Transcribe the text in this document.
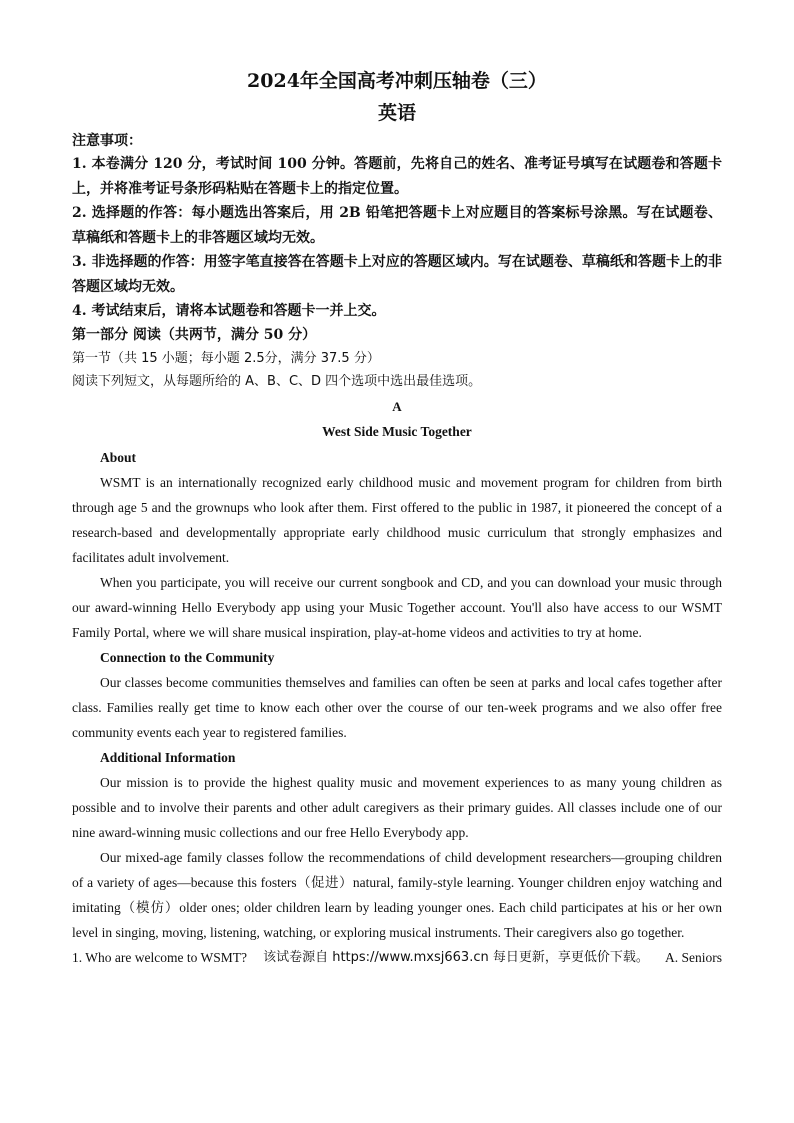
2024年全国高考冲刺压轴卷（三）
英语
注意事项：
1. 本卷满分 120 分，考试时间 100 分钟。答题前，先将自己的姓名、准考证号填写在试题卷和答题卡上，并将准考证号条形码粘贴在答题卡上的指定位置。
2. 选择题的作答：每小题选出答案后，用 2B 铅笔把答题卡上对应题目的答案标号涂黑。写在试题卷、草稿纸和答题卡上的非答题区域均无效。
3. 非选择题的作答：用签字笔直接答在答题卡上对应的答题区域内。写在试题卷、草稿纸和答题卡上的非答题区域均无效。
4. 考试结束后，请将本试题卷和答题卡一并上交。
第一部分 阅读（共两节，满分 50 分）
第一节（共 15 小题；每小题 2.5分，满分 37.5 分）
阅读下列短文，从每题所给的 A、B、C、D 四个选项中选出最佳选项。
A
West Side Music Together
About

WSMT is an internationally recognized early childhood music and movement program for children from birth through age 5 and the grownups who look after them. First offered to the public in 1987, it pioneered the concept of a research-based and developmentally appropriate early childhood music curriculum that strongly emphasizes and facilitates adult involvement.

When you participate, you will receive our current songbook and CD, and you can download your music through our award-winning Hello Everybody app using your Music Together account. You'll also have access to our WSMT Family Portal, where we will share musical inspiration, play-at-home videos and activities to try at home.

Connection to the Community

Our classes become communities themselves and families can often be seen at parks and local cafes together after class. Families really get time to know each other over the course of our ten-week programs and we also offer free community events each year to registered families.

Additional Information

Our mission is to provide the highest quality music and movement experiences to as many young children as possible and to involve their parents and other adult caregivers as their primary guides. All classes include one of our nine award-winning music collections and our free Hello Everybody app.

Our mixed-age family classes follow the recommendations of child development researchers—grouping children of a variety of ages—because this fosters（促进）natural, family-style learning. Younger children enjoy watching and imitating（模仿）older ones; older children learn by leading younger ones. Each child participates at his or her own level in singing, moving, listening, watching, or exploring musical instruments. Their caregivers also go together.

1. Who are welcome to WSMT? 该试卷源自 https://www.mxsj663.cn 每日更新，享更低价下载。 A. Seniors
